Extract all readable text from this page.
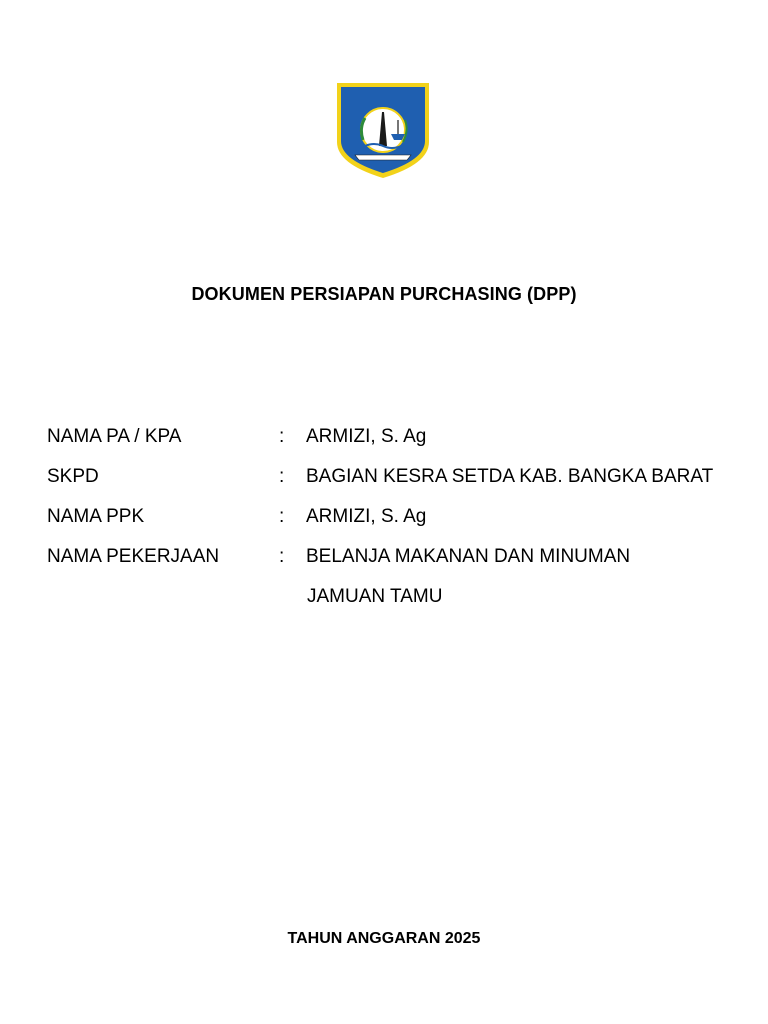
DOKUMEN PERSIAPAN PURCHASING (DPP)
NAMA PA / KPA	:	ARMIZI, S. Ag
SKPD	:	BAGIAN KESRA SETDA KAB. BANGKA BARAT
NAMA PPK	:	ARMIZI, S. Ag
NAMA PEKERJAAN	:	BELANJA MAKANAN DAN MINUMAN
JAMUAN TAMU
TAHUN ANGGARAN 2025
